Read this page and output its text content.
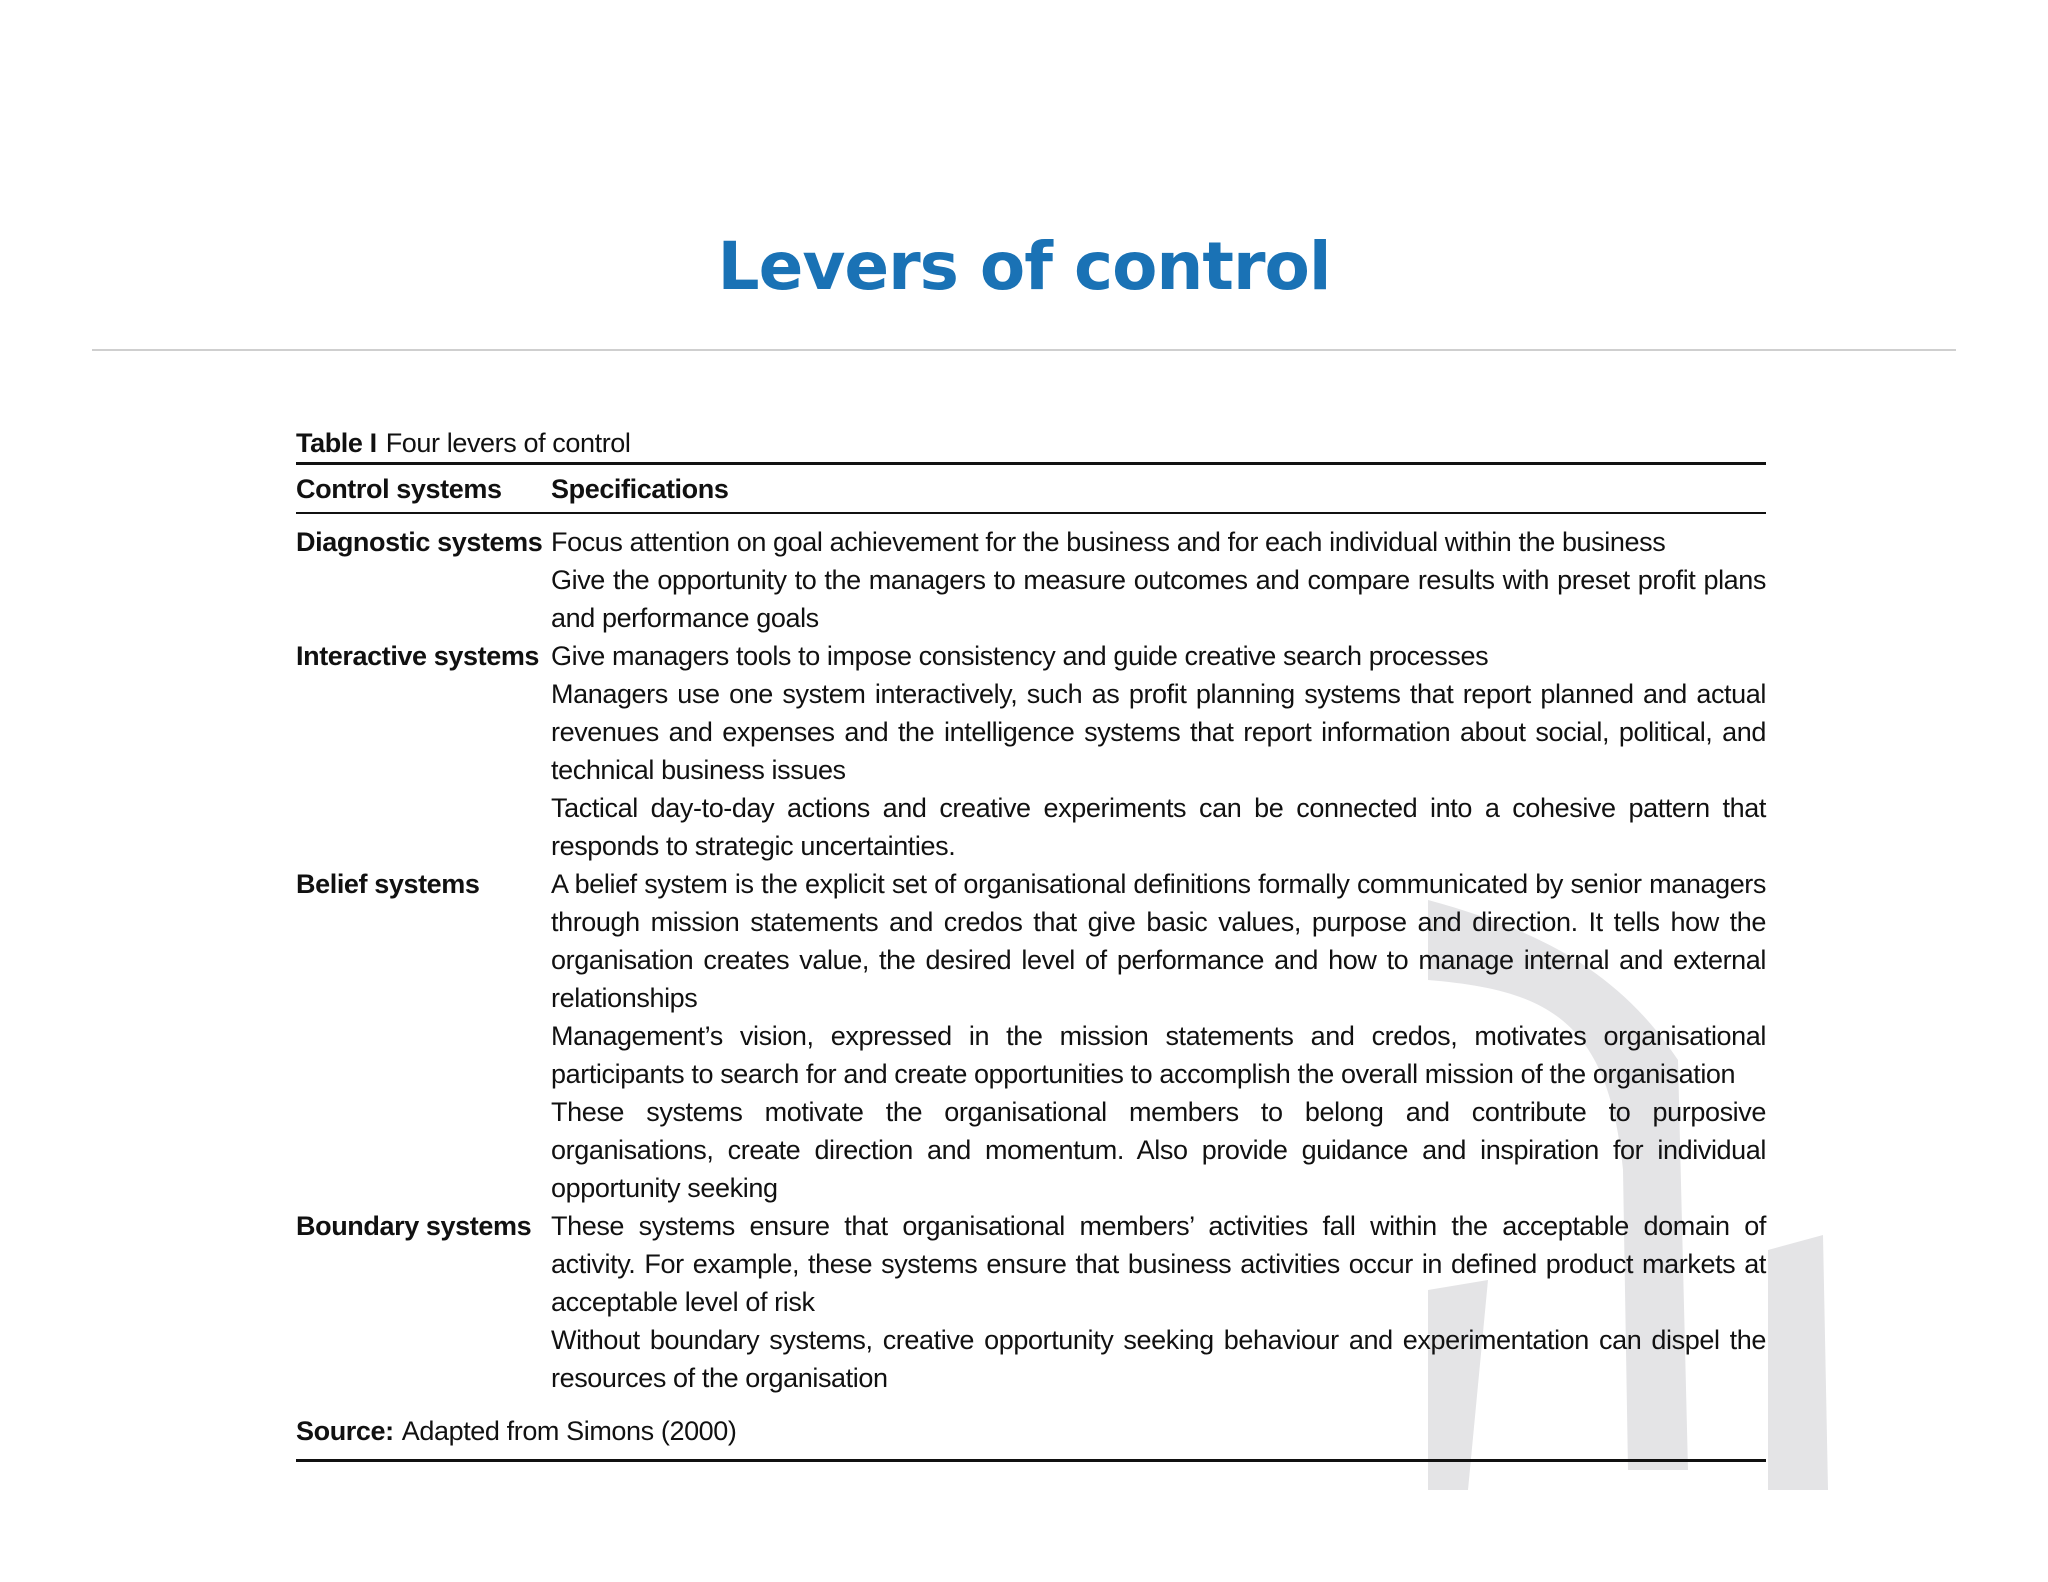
Levers of control
Table I Four levers of control
Control systems	Specifications
Diagnostic systems Focus attention on goal achievement for the business and for each individual within the business
Give the opportunity to the managers to measure outcomes and compare results with preset profit plans and performance goals
Interactive systems Give managers tools to impose consistency and guide creative search processes
Managers use one system interactively, such as profit planning systems that report planned and actual revenues and expenses and the intelligence systems that report information about social, political, and technical business issues
Tactical day-to-day actions and creative experiments can be connected into a cohesive pattern that responds to strategic uncertainties.
Belief systems	A belief system is the explicit set of organisational definitions formally communicated by senior managers through mission statements and credos that give basic values, purpose and direction. It tells how the organisation creates value, the desired level of performance and how to manage internal and external relationships
Management’s vision, expressed in the mission statements and credos, motivates organisational participants to search for and create opportunities to accomplish the overall mission of the organisation
These systems motivate the organisational members to belong and contribute to purposive organisations, create direction and momentum. Also provide guidance and inspiration for individual opportunity seeking
Boundary systems These systems ensure that organisational members’ activities fall within the acceptable domain of activity. For example, these systems ensure that business activities occur in defined product markets at acceptable level of risk
Without boundary systems, creative opportunity seeking behaviour and experimentation can dispel the resources of the organisation
Source: Adapted from Simons (2000)
